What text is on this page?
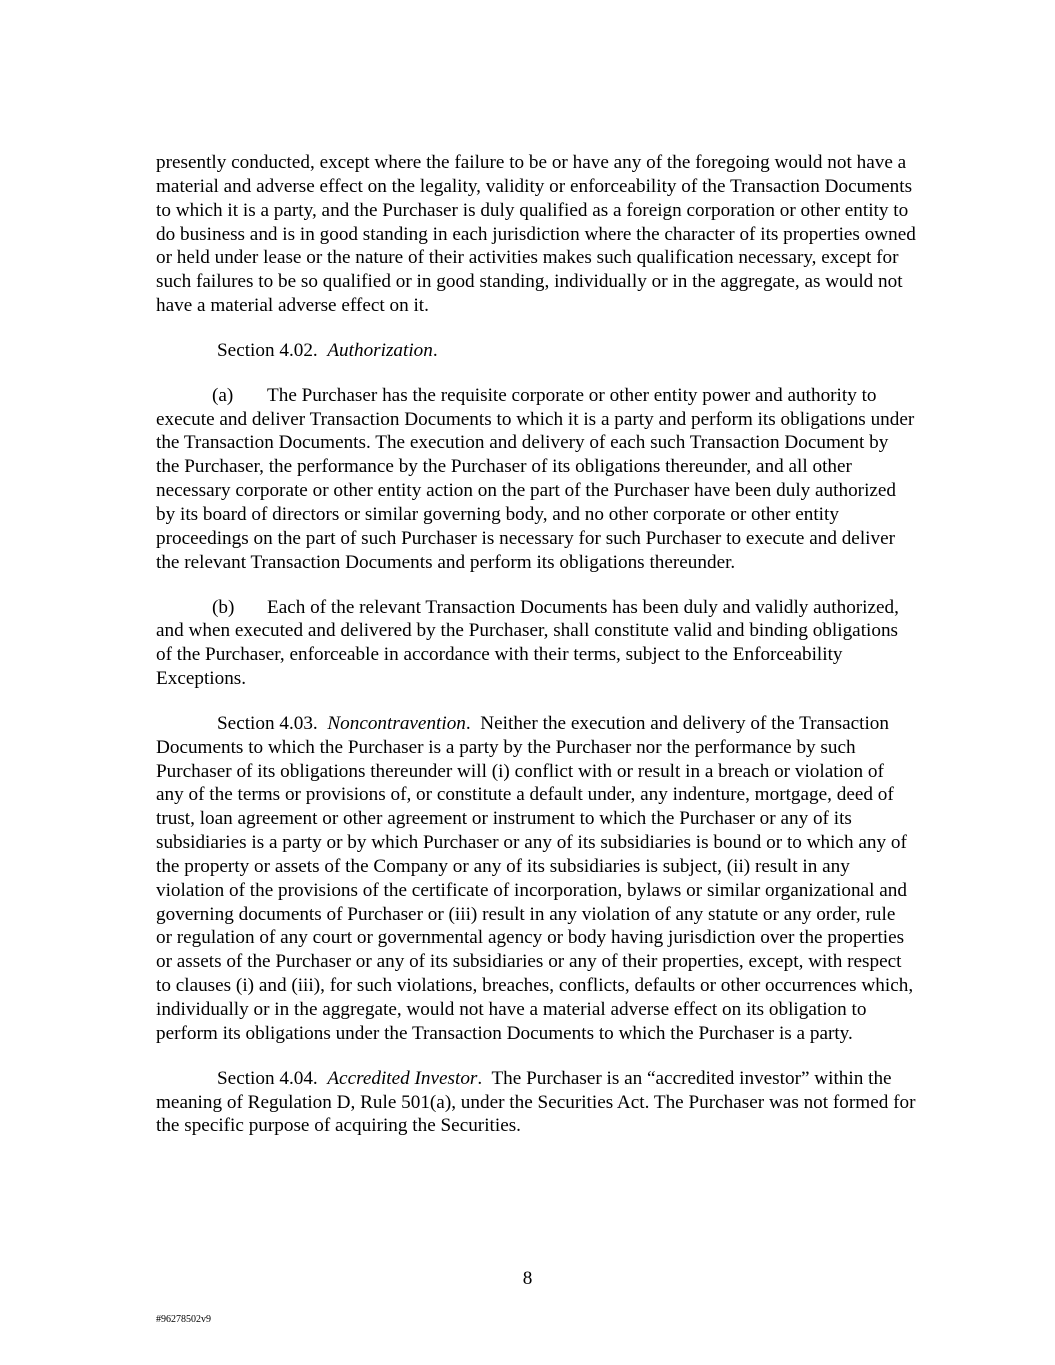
presently conducted, except where the failure to be or have any of the foregoing would not have a material and adverse effect on the legality, validity or enforceability of the Transaction Documents to which it is a party, and the Purchaser is duly qualified as a foreign corporation or other entity to do business and is in good standing in each jurisdiction where the character of its properties owned or held under lease or the nature of their activities makes such qualification necessary, except for such failures to be so qualified or in good standing, individually or in the aggregate, as would not have a material adverse effect on it.

Section 4.02. Authorization.

(a) The Purchaser has the requisite corporate or other entity power and authority to execute and deliver Transaction Documents to which it is a party and perform its obligations under the Transaction Documents. The execution and delivery of each such Transaction Document by the Purchaser, the performance by the Purchaser of its obligations thereunder, and all other necessary corporate or other entity action on the part of the Purchaser have been duly authorized by its board of directors or similar governing body, and no other corporate or other entity proceedings on the part of such Purchaser is necessary for such Purchaser to execute and deliver the relevant Transaction Documents and perform its obligations thereunder.

(b) Each of the relevant Transaction Documents has been duly and validly authorized, and when executed and delivered by the Purchaser, shall constitute valid and binding obligations of the Purchaser, enforceable in accordance with their terms, subject to the Enforceability Exceptions.

Section 4.03. Noncontravention.  Neither the execution and delivery of the Transaction Documents to which the Purchaser is a party by the Purchaser nor the performance by such Purchaser of its obligations thereunder will (i) conflict with or result in a breach or violation of any of the terms or provisions of, or constitute a default under, any indenture, mortgage, deed of trust, loan agreement or other agreement or instrument to which the Purchaser or any of its subsidiaries is a party or by which Purchaser or any of its subsidiaries is bound or to which any of the property or assets of the Company or any of its subsidiaries is subject, (ii) result in any violation of the provisions of the certificate of incorporation, bylaws or similar organizational and governing documents of Purchaser or (iii) result in any violation of any statute or any order, rule or regulation of any court or governmental agency or body having jurisdiction over the properties or assets of the Purchaser or any of its subsidiaries or any of their properties, except, with respect to clauses (i) and (iii), for such violations, breaches, conflicts, defaults or other occurrences which, individually or in the aggregate, would not have a material adverse effect on its obligation to perform its obligations under the Transaction Documents to which the Purchaser is a party.

Section 4.04. Accredited Investor.  The Purchaser is an “accredited investor” within the meaning of Regulation D, Rule 501(a), under the Securities Act. The Purchaser was not formed for the specific purpose of acquiring the Securities.

8
#96278502v9
